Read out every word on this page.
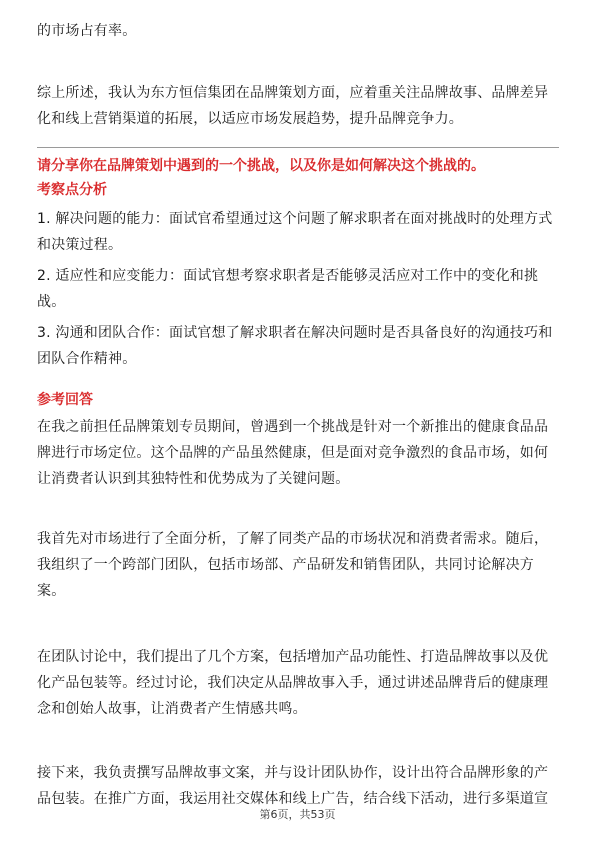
的市场占有率。

综上所述，我认为东方恒信集团在品牌策划方面，应着重关注品牌故事、品牌差异化和线上营销渠道的拓展，以适应市场发展趋势，提升品牌竞争力。

请分享你在品牌策划中遇到的一个挑战，以及你是如何解决这个挑战的。

考察点分析

1. 解决问题的能力：面试官希望通过这个问题了解求职者在面对挑战时的处理方式和决策过程。

2. 适应性和应变能力：面试官想考察求职者是否能够灵活应对工作中的变化和挑战。

3. 沟通和团队合作：面试官想了解求职者在解决问题时是否具备良好的沟通技巧和团队合作精神。

参考回答

在我之前担任品牌策划专员期间，曾遇到一个挑战是针对一个新推出的健康食品品牌进行市场定位。这个品牌的产品虽然健康，但是面对竞争激烈的食品市场，如何让消费者认识到其独特性和优势成为了关键问题。

我首先对市场进行了全面分析，了解了同类产品的市场状况和消费者需求。随后，我组织了一个跨部门团队，包括市场部、产品研发和销售团队，共同讨论解决方案。

在团队讨论中，我们提出了几个方案，包括增加产品功能性、打造品牌故事以及优化产品包装等。经过讨论，我们决定从品牌故事入手，通过讲述品牌背后的健康理念和创始人故事，让消费者产生情感共鸣。

接下来，我负责撰写品牌故事文案，并与设计团队协作，设计出符合品牌形象的产品包装。在推广方面，我运用社交媒体和线上广告，结合线下活动，进行多渠道宣

第6页，共53页
